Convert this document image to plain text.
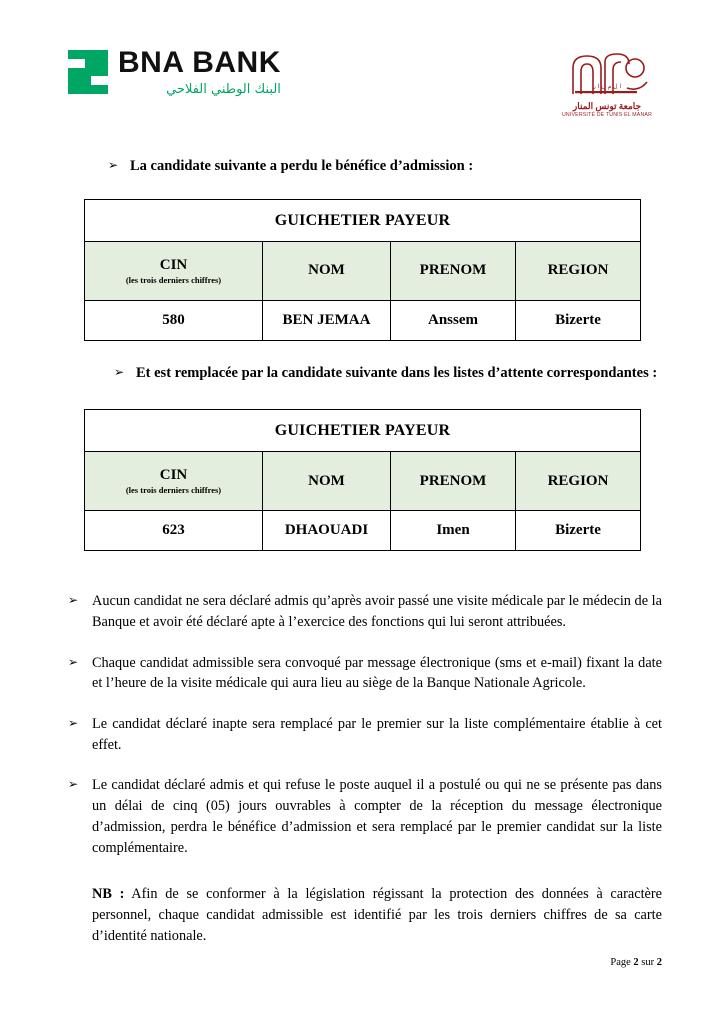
BNA BANK
البنك الوطني الفلاحي	ا ل م ن ا ر
جامعة تونس المنار
UNIVERSITÉ DE TUNIS EL MANAR
➢ La candidate suivante a perdu le bénéfice d’admission :
GUICHETIER PAYEUR			
CIN
(les trois derniers chiffres)	NOM	PRENOM	REGION
580	BEN JEMAA	Anssem	Bizerte
➢ Et est remplacée par la candidate suivante dans les listes d’attente correspondantes :
GUICHETIER PAYEUR			
CIN
(les trois derniers chiffres)	NOM	PRENOM	REGION
623	DHAOUADI	Imen	Bizerte
➢ Aucun candidat ne sera déclaré admis qu’après avoir passé une visite médicale par le médecin de la Banque et avoir été déclaré apte à l’exercice des fonctions qui lui seront attribuées.
➢ Chaque candidat admissible sera convoqué par message électronique (sms et e-mail) fixant la date et l’heure de la visite médicale qui aura lieu au siège de la Banque Nationale Agricole.
➢ Le candidat déclaré inapte sera remplacé par le premier sur la liste complémentaire établie à cet effet.
➢ Le candidat déclaré admis et qui refuse le poste auquel il a postulé ou qui ne se présente pas dans un délai de cinq (05) jours ouvrables à compter de la réception du message électronique d’admission, perdra le bénéfice d’admission et sera remplacé par le premier candidat sur la liste complémentaire.
NB : Afin de se conformer à la législation régissant la protection des données à caractère personnel, chaque candidat admissible est identifié par les trois derniers chiffres de sa carte d’identité nationale.
Page 2 sur 2
